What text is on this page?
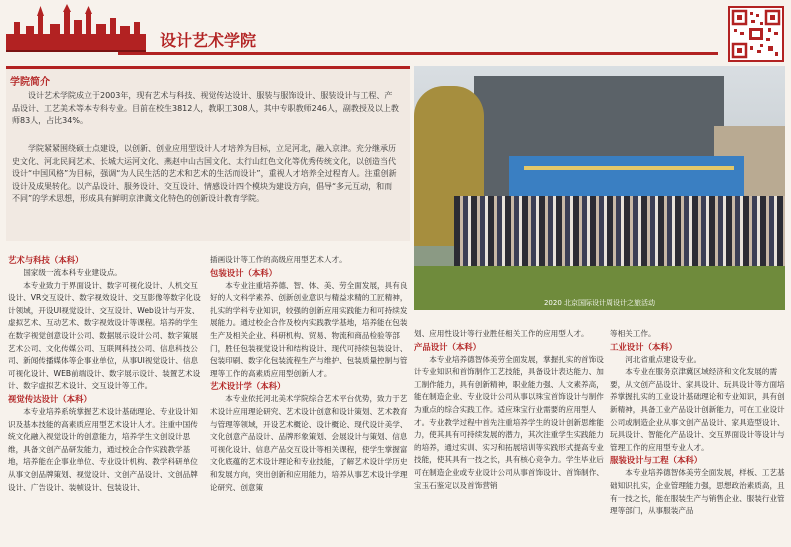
设计艺术学院
学院简介

设计艺术学院成立于2003年，现有艺术与科技、视觉传达设计、服装与服饰设计、服装设计与工程、产品设计、工艺美术等本专科专业。目前在校生3812人，教职工308人，其中专职教师246人，副教授及以上教师83人，占比34%。

学院紧紧围绕硕士点建设，以创新、创业应用型设计人才培养为目标，立足河北，融入京津。充分继承历史文化、河北民间艺术、长城大运河文化、燕赵中山古国文化、太行山红色文化等优秀传统文化，以创造当代设计“中国风格”为目标，强调“为人民生活的艺术和艺术的生活而设计”，重视人才培养全过程育人。注重创新设计及成果转化。以产品设计、服务设计、交互设计、情感设计四个模块为建设方向，倡导“多元互动，和而不同”的学术思想，形成具有鲜明京津冀文化特色的创新设计教育学院。

2020 北京国际设计周设计之旅活动
艺术与科技（本科）

国家级一流本科专业建设点。

本专业致力于界面设计、数字可视化设计、人机交互设计、VR交互设计、数字视效设计、交互影像等数字化设计领域，开设UI视觉设计、交互设计、Web设计与开发、虚拟艺术、互动艺术、数字视效设计等课程。培养的学生在数字视觉创意设计公司、数据展示设计公司、数字策展艺术公司、文化传媒公司、互联网科技公司、信息科技公司、新闻传播媒体等企事业单位，从事UI视觉设计、信息可视化设计、WEB前端设计、数字展示设计、装置艺术设计、数字虚拟艺术设计、交互设计等工作。

视觉传达设计（本科）

本专业培养系统掌握艺术设计基础理论、专业设计知识及基本技能的高素质应用型艺术设计人才。注重中国传统文化融入视觉设计的创意能力，培养学生文创设计思维，具备文创产品研发能力，通过校企合作实践教学基地，培养能在企事业单位、专业设计机构、教学科研单位从事文创品牌策划、视觉设计、文创产品设计、文创品牌设计、广告设计、装帧设计、包装设计、

插画设计等工作的高级应用型艺术人才。
包装设计（本科）

本专业注重培养德、智、体、美、劳全面发展，具有良好的人文科学素养、创新创业意识与精益求精的工匠精神，扎实的学科专业知识，较强的创新应用实践能力和可持续发展能力。通过校企合作及校内实践教学基地，培养能在包装生产及相关企业、科研机构、贸易、物流和商品检验等部门，胜任包装视觉设计和结构设计、现代可持续包装设计、包装印刷、数字化包装流程生产与维护、包装质量控制与管理等工作的高素质应用型创新人才。

艺术设计学（本科）

本专业依托河北美术学院综合艺术平台优势，致力于艺术设计应用理论研究、艺术设计创意和设计策划、艺术教育与管理等领域，开设艺术概论、设计概论、现代设计美学、文化创意产品设计、品牌形象策划、会展设计与策划、信息可视化设计、信息产品交互设计等相关课程，使学生掌握富文化底蕴的艺术设计理论和专业技能，了解艺术设计学历史和发展方向，突出创新和应用能力，培养从事艺术设计学理论研究、创意策

划、应用性设计等行业胜任相关工作的应用型人才。
产品设计（本科）

本专业培养德智体美劳全面发展，掌握扎实的首饰设计专业知识和首饰制作工艺技能，具备设计表达能力、加工制作能力，具有创新精神，职业能力强、人文素养高，能在制造企业、专业设计公司从事以珠宝首饰设计与制作为重点的综合实践工作。适应珠宝行业需要的应用型人才。专业教学过程中首先注重培养学生的设计创新思维能力，使其具有可持续发展的潜力，其次注重学生实践能力的培养，通过实训、实习和拓展培训等实践形式提高专业技能，使其具有一技之长，具有核心竞争力。学生毕业后可在制造企业或专业设计公司从事首饰设计、首饰制作、宝玉石鉴定以及首饰营销

等相关工作。
工业设计（本科）

河北省重点建设专业。

本专业在服务京津冀区域经济和文化发展的需要，从文创产品设计、家具设计、玩具设计等方面培养掌握扎实的工业设计基础理论和专业知识，具有创新精神，具备工业产品设计创新能力，可在工业设计公司或制造企业从事文创产品设计、家具造型设计、玩具设计、智能化产品设计、交互界面设计等设计与管理工作的应用型专业人才。

服装设计与工程（本科）

本专业培养德智体美劳全面发展，样板、工艺基础知识扎实，企业管理能力强，思想政治素质高，且有一技之长，能在服装生产与销售企业、服装行业管理等部门，从事服装产品
